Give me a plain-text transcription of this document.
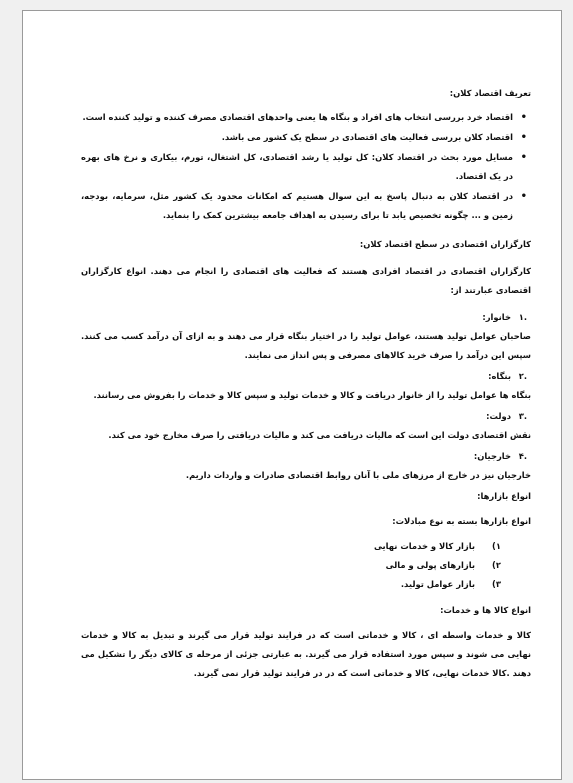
تعریف اقتصاد کلان:

• اقتصاد خرد بررسی انتخاب های افراد و بنگاه ها یعنی واحدهای اقتصادی مصرف کننده و تولید کننده است.
• اقتصاد کلان بررسی فعالیت های اقتصادی در سطح یک کشور می باشد.
• مسایل مورد بحث در اقتصاد کلان: کل تولید یا رشد اقتصادی، کل اشتغال، تورم، بیکاری و نرخ های بهره در یک اقتصاد.
• در اقتصاد کلان به دنبال پاسخ به این سوال هستیم که امکانات محدود یک کشور مثل، سرمایه، بودجه، زمین و ... چگونه تخصیص یابد تا برای رسیدن به اهداف جامعه بیشترین کمک را بنماید.

کارگزاران اقتصادی در سطح اقتصاد کلان:

کارگزاران اقتصادی در اقتصاد افرادی هستند که فعالیت های اقتصادی را انجام می دهند. انواع کارگزاران اقتصادی عبارتند از:

.۱
خانوار:

صاحبان عوامل تولید هستند، عوامل تولید را در اختیار بنگاه قرار می دهند و به ازای آن درآمد کسب می کنند. سپس این درآمد را صرف خرید کالاهای مصرفی و پس انداز می نمایند.

.۲
بنگاه:

بنگاه ها عوامل تولید را از خانوار دریافت و کالا و خدمات تولید و سپس کالا و خدمات را بفروش می رسانند.

.۳
دولت:

نقش اقتصادی دولت این است که مالیات دریافت می کند و مالیات دریافتی را صرف مخارج خود می کند.

.۴
خارجیان:

خارجیان نیز در خارج از مرزهای ملی با آنان روابط اقتصادی صادرات و واردات داریم.

انواع بازارها:

انواع بازارها بسته به نوع مبادلات:

۱)
بازار کالا و خدمات نهایی
۲)
بازارهای پولی و مالی
۳)
بازار عوامل تولید.

انواع کالا ها و خدمات:

کالا و خدمات واسطه ای ، کالا و خدماتی است که در فرایند تولید قرار می گیرند و تبدیل به کالا و خدمات نهایی می شوند و سپس مورد استفاده قرار می گیرند. به عبارتی جزئی از مرحله ی کالای دیگر را تشکیل می دهند .کالا خدمات نهایی، کالا و خدماتی است که در در فرایند تولید قرار نمی گیرند.
